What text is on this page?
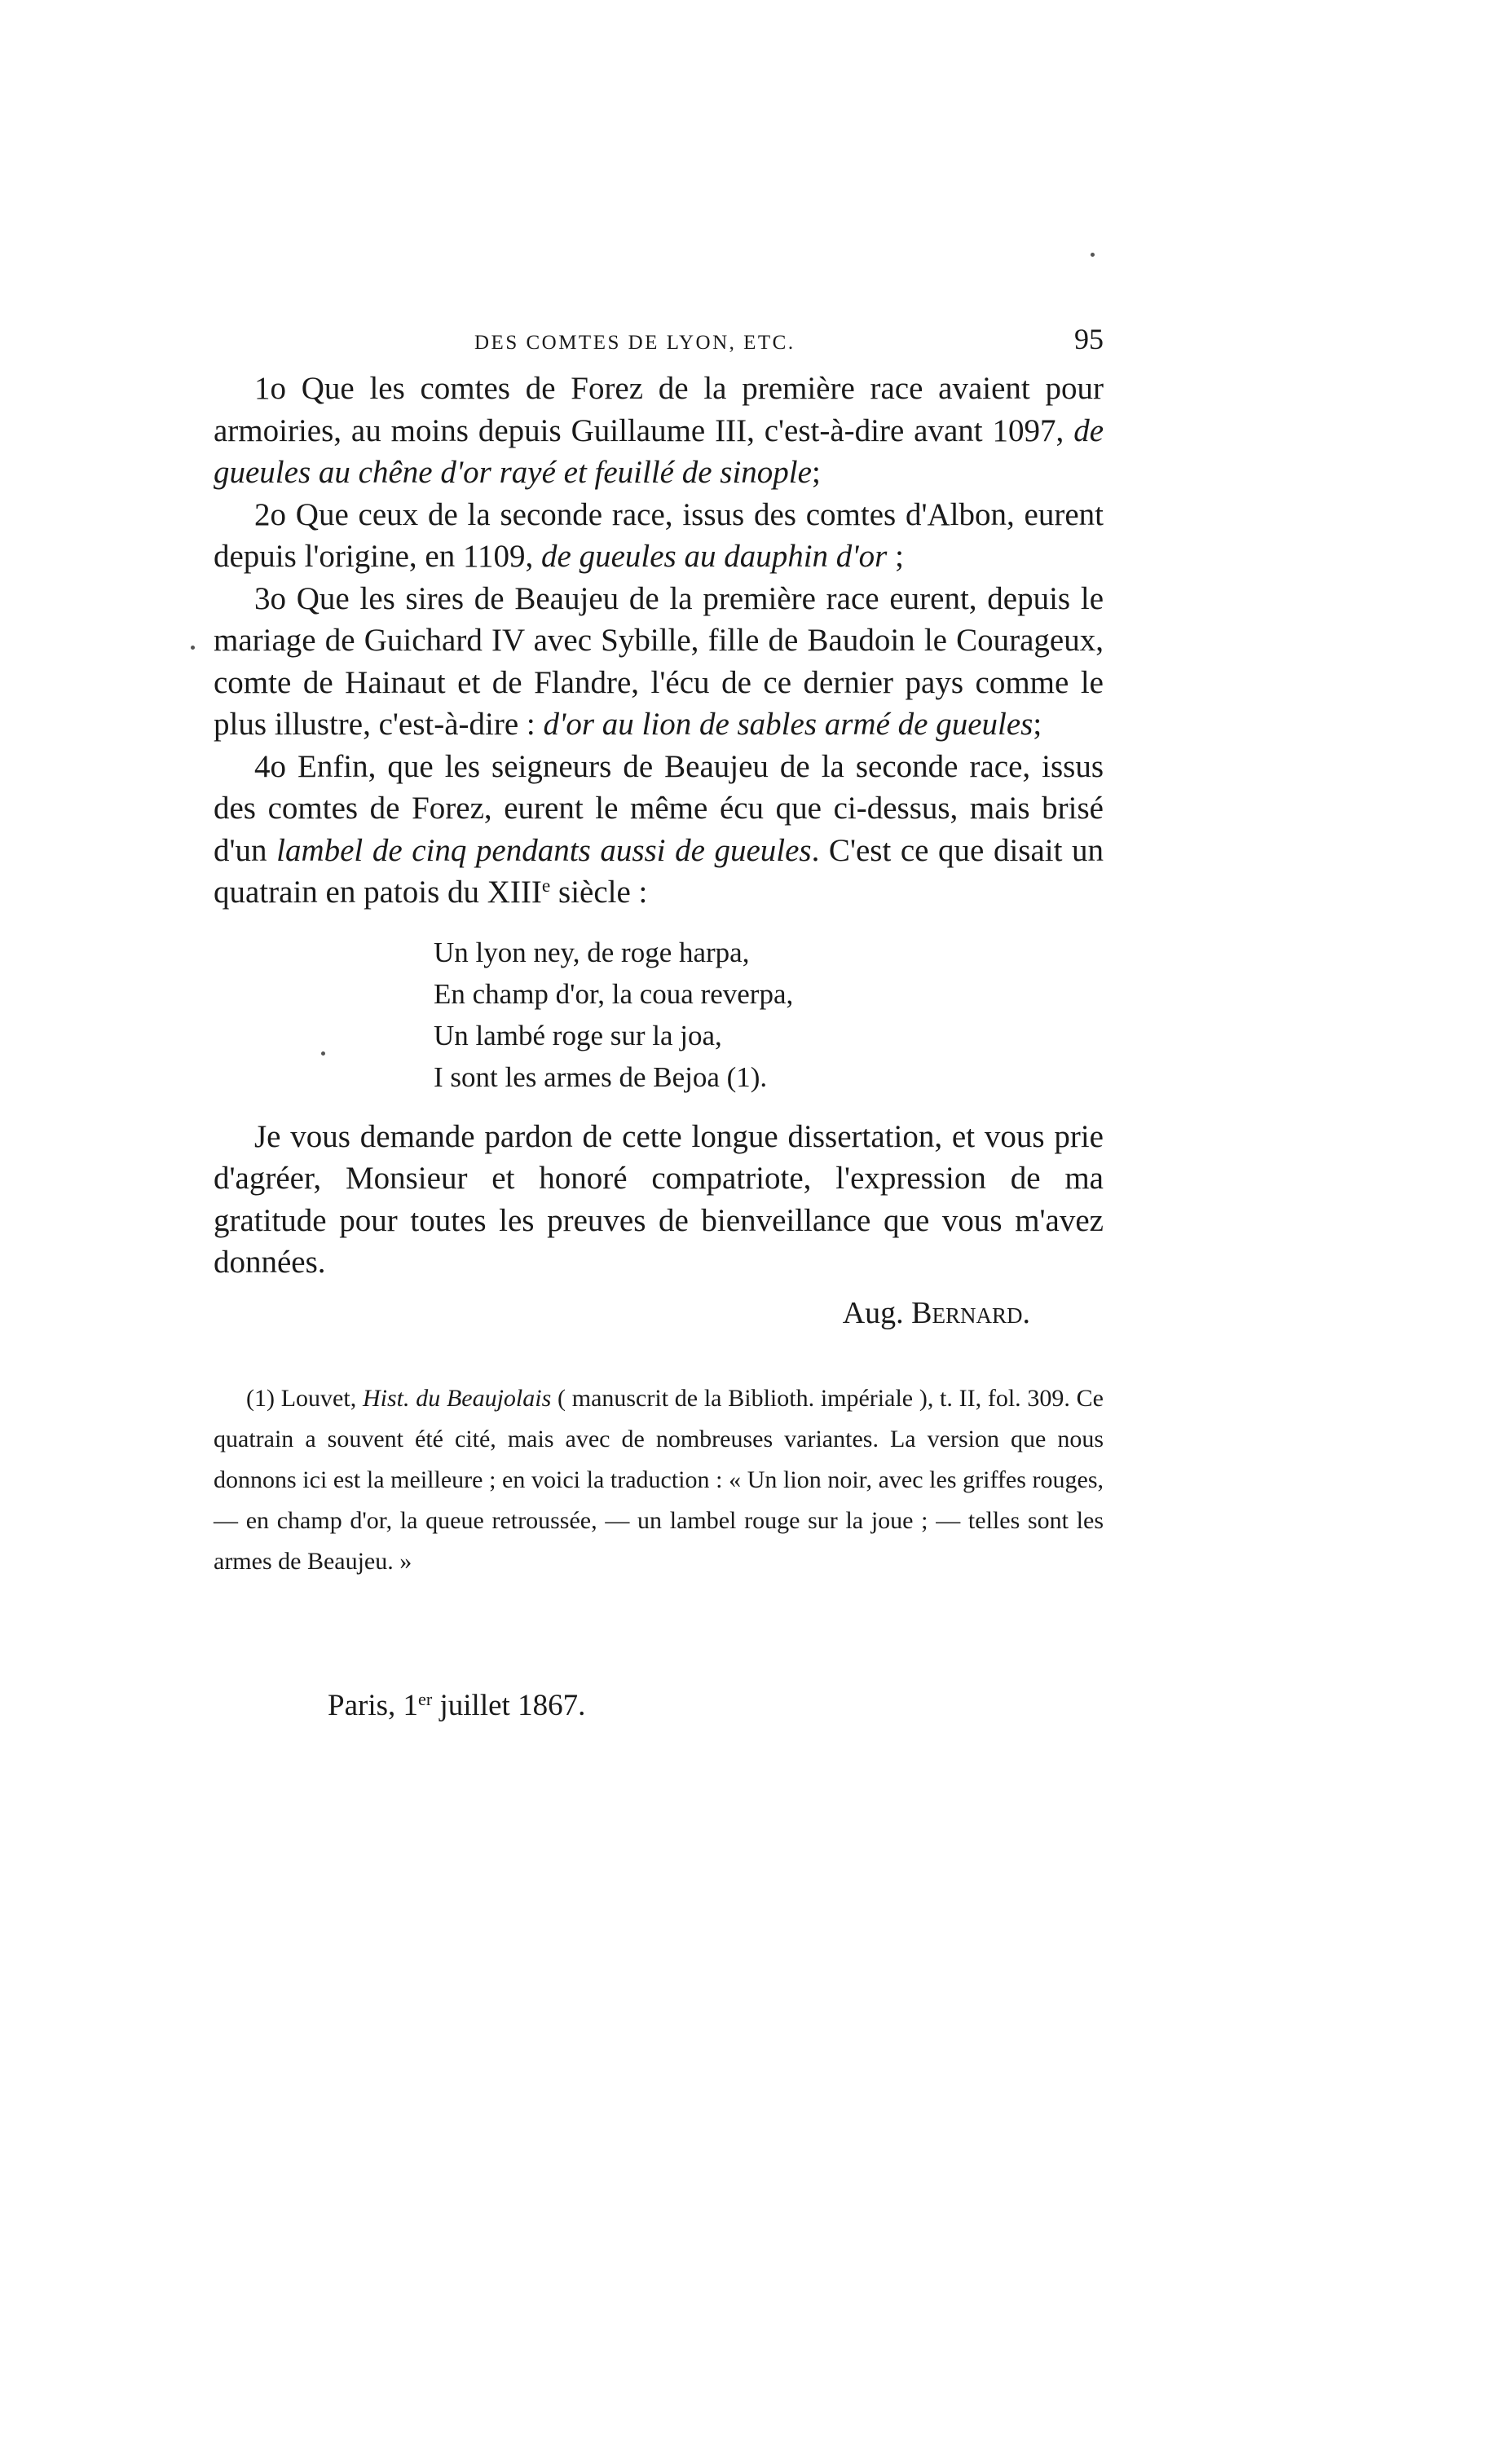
DES COMTES DE LYON, ETC.	95

1o Que les comtes de Forez de la première race avaient pour armoiries, au moins depuis Guillaume III, c'est-à-dire avant 1097, de gueules au chêne d'or rayé et feuillé de sinople;

2o Que ceux de la seconde race, issus des comtes d'Albon, eurent depuis l'origine, en 1109, de gueules au dauphin d'or ;

3o Que les sires de Beaujeu de la première race eurent, depuis le mariage de Guichard IV avec Sybille, fille de Baudoin le Courageux, comte de Hainaut et de Flandre, l'écu de ce dernier pays comme le plus illustre, c'est-à-dire : d'or au lion de sables armé de gueules;

4o Enfin, que les seigneurs de Beaujeu de la seconde race, issus des comtes de Forez, eurent le même écu que ci-dessus, mais brisé d'un lambel de cinq pendants aussi de gueules. C'est ce que disait un quatrain en patois du XIIIe siècle :

Un lyon ney, de roge harpa,
En champ d'or, la coua reverpa,
Un lambé roge sur la joa,
I sont les armes de Bejoa (1).

Je vous demande pardon de cette longue dissertation, et vous prie d'agréer, Monsieur et honoré compatriote, l'expression de ma gratitude pour toutes les preuves de bienveillance que vous m'avez données.

Aug. Bernard.

(1) Louvet, Hist. du Beaujolais ( manuscrit de la Biblioth. impériale ), t. II, fol. 309. Ce quatrain a souvent été cité, mais avec de nombreuses variantes. La version que nous donnons ici est la meilleure ; en voici la traduction : « Un lion noir, avec les griffes rouges, — en champ d'or, la queue retroussée, — un lambel rouge sur la joue ; — telles sont les armes de Beaujeu. »

Paris, 1er juillet 1867.
